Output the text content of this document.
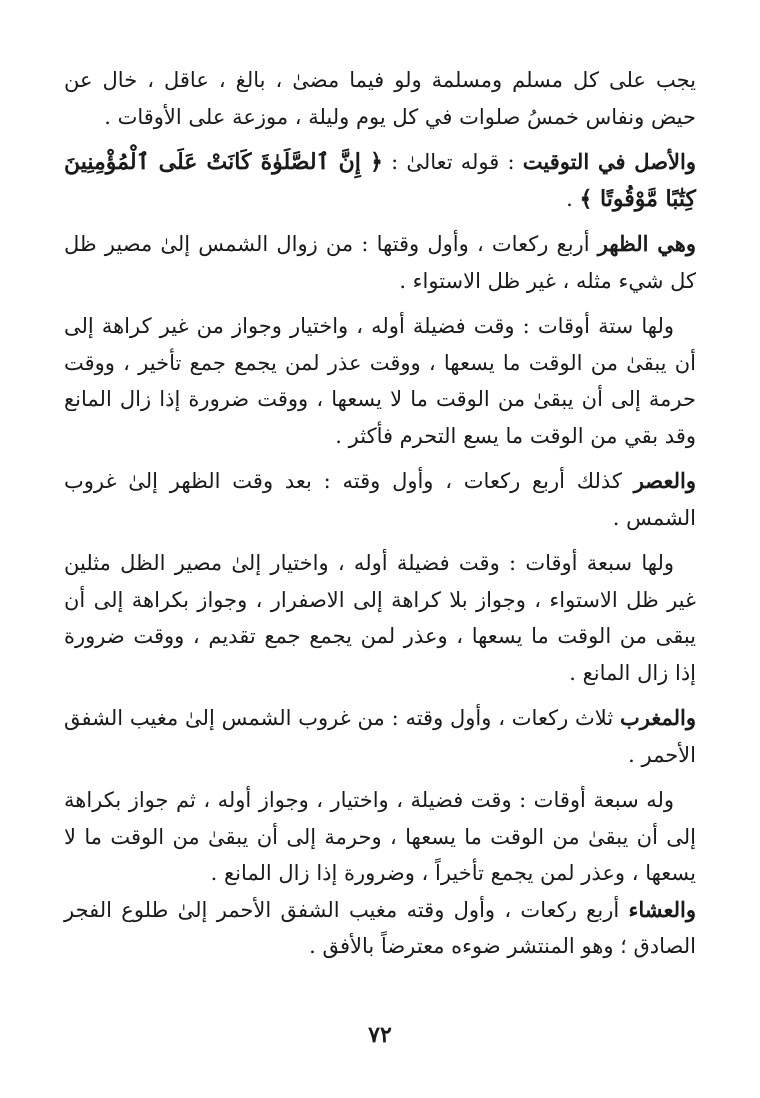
يجب على كل مسلم ومسلمة ولو فيما مضىٰ ، بالغ ، عاقل ، خال عن حيض ونفاس خمسُ صلوات في كل يوم وليلة ، موزعة على الأوقات .

والأصل في التوقيت : قوله تعالىٰ : ﴿ إِنَّ ٱلصَّلَوٰةَ كَانَتْ عَلَى ٱلْمُؤْمِنِينَ كِتَٰبًا مَّوْقُوتًا ﴾ .

وهي الظهر أربع ركعات ، وأول وقتها : من زوال الشمس إلىٰ مصير ظل كل شيء مثله ، غير ظل الاستواء .

ولها ستة أوقات : وقت فضيلة أوله ، واختيار وجواز من غير كراهة إلى أن يبقىٰ من الوقت ما يسعها ، ووقت عذر لمن يجمع جمع تأخير ، ووقت حرمة إلى أن يبقىٰ من الوقت ما لا يسعها ، ووقت ضرورة إذا زال المانع وقد بقي من الوقت ما يسع التحرم فأكثر .

والعصر كذلك أربع ركعات ، وأول وقته : بعد وقت الظهر إلىٰ غروب الشمس .

ولها سبعة أوقات : وقت فضيلة أوله ، واختيار إلىٰ مصير الظل مثلين غير ظل الاستواء ، وجواز بلا كراهة إلى الاصفرار ، وجواز بكراهة إلى أن يبقى من الوقت ما يسعها ، وعذر لمن يجمع جمع تقديم ، ووقت ضرورة إذا زال المانع .

والمغرب ثلاث ركعات ، وأول وقته : من غروب الشمس إلىٰ مغيب الشفق الأحمر .

وله سبعة أوقات : وقت فضيلة ، واختيار ، وجواز أوله ، ثم جواز بكراهة إلى أن يبقىٰ من الوقت ما يسعها ، وحرمة إلى أن يبقىٰ من الوقت ما لا يسعها ، وعذر لمن يجمع تأخيراً ، وضرورة إذا زال المانع .

والعشاء أربع ركعات ، وأول وقته مغيب الشفق الأحمر إلىٰ طلوع الفجر الصادق ؛ وهو المنتشر ضوءه معترضاً بالأفق .

٧٢
